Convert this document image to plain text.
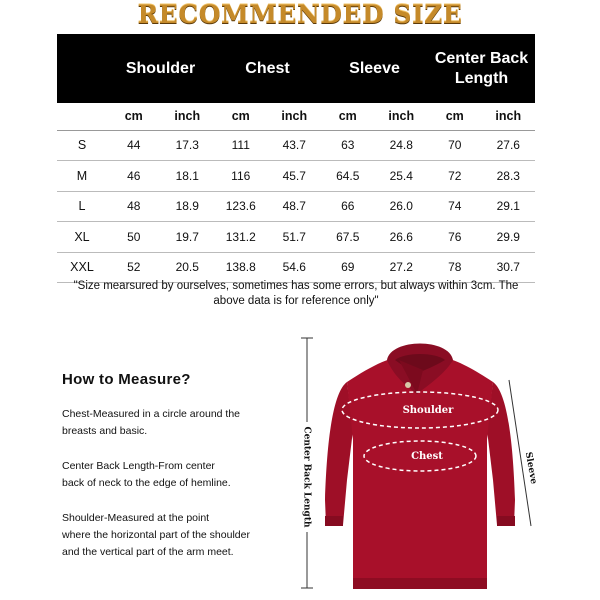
RECOMMENDED SIZE
	Shoulder		Chest		Sleeve		Center Back Length	
	cm	inch	cm	inch	cm	inch	cm	inch
S	44	17.3	111	43.7	63	24.8	70	27.6
M	46	18.1	116	45.7	64.5	25.4	72	28.3
L	48	18.9	123.6	48.7	66	26.0	74	29.1
XL	50	19.7	131.2	51.7	67.5	26.6	76	29.9
XXL	52	20.5	138.8	54.6	69	27.2	78	30.7
"Size mearsured by ourselves, sometimes has some errors, but always within 3cm. The above data is for reference only"
How to Measure?
Chest-Measured in a circle around the
breasts and basic.
Center Back Length-From center
back of neck to the edge of hemline.
Shoulder-Measured at the point
where the horizontal part of the shoulder
and the vertical part of the arm meet.
Shoulder
Chest
Center Back Length	Sleeve
